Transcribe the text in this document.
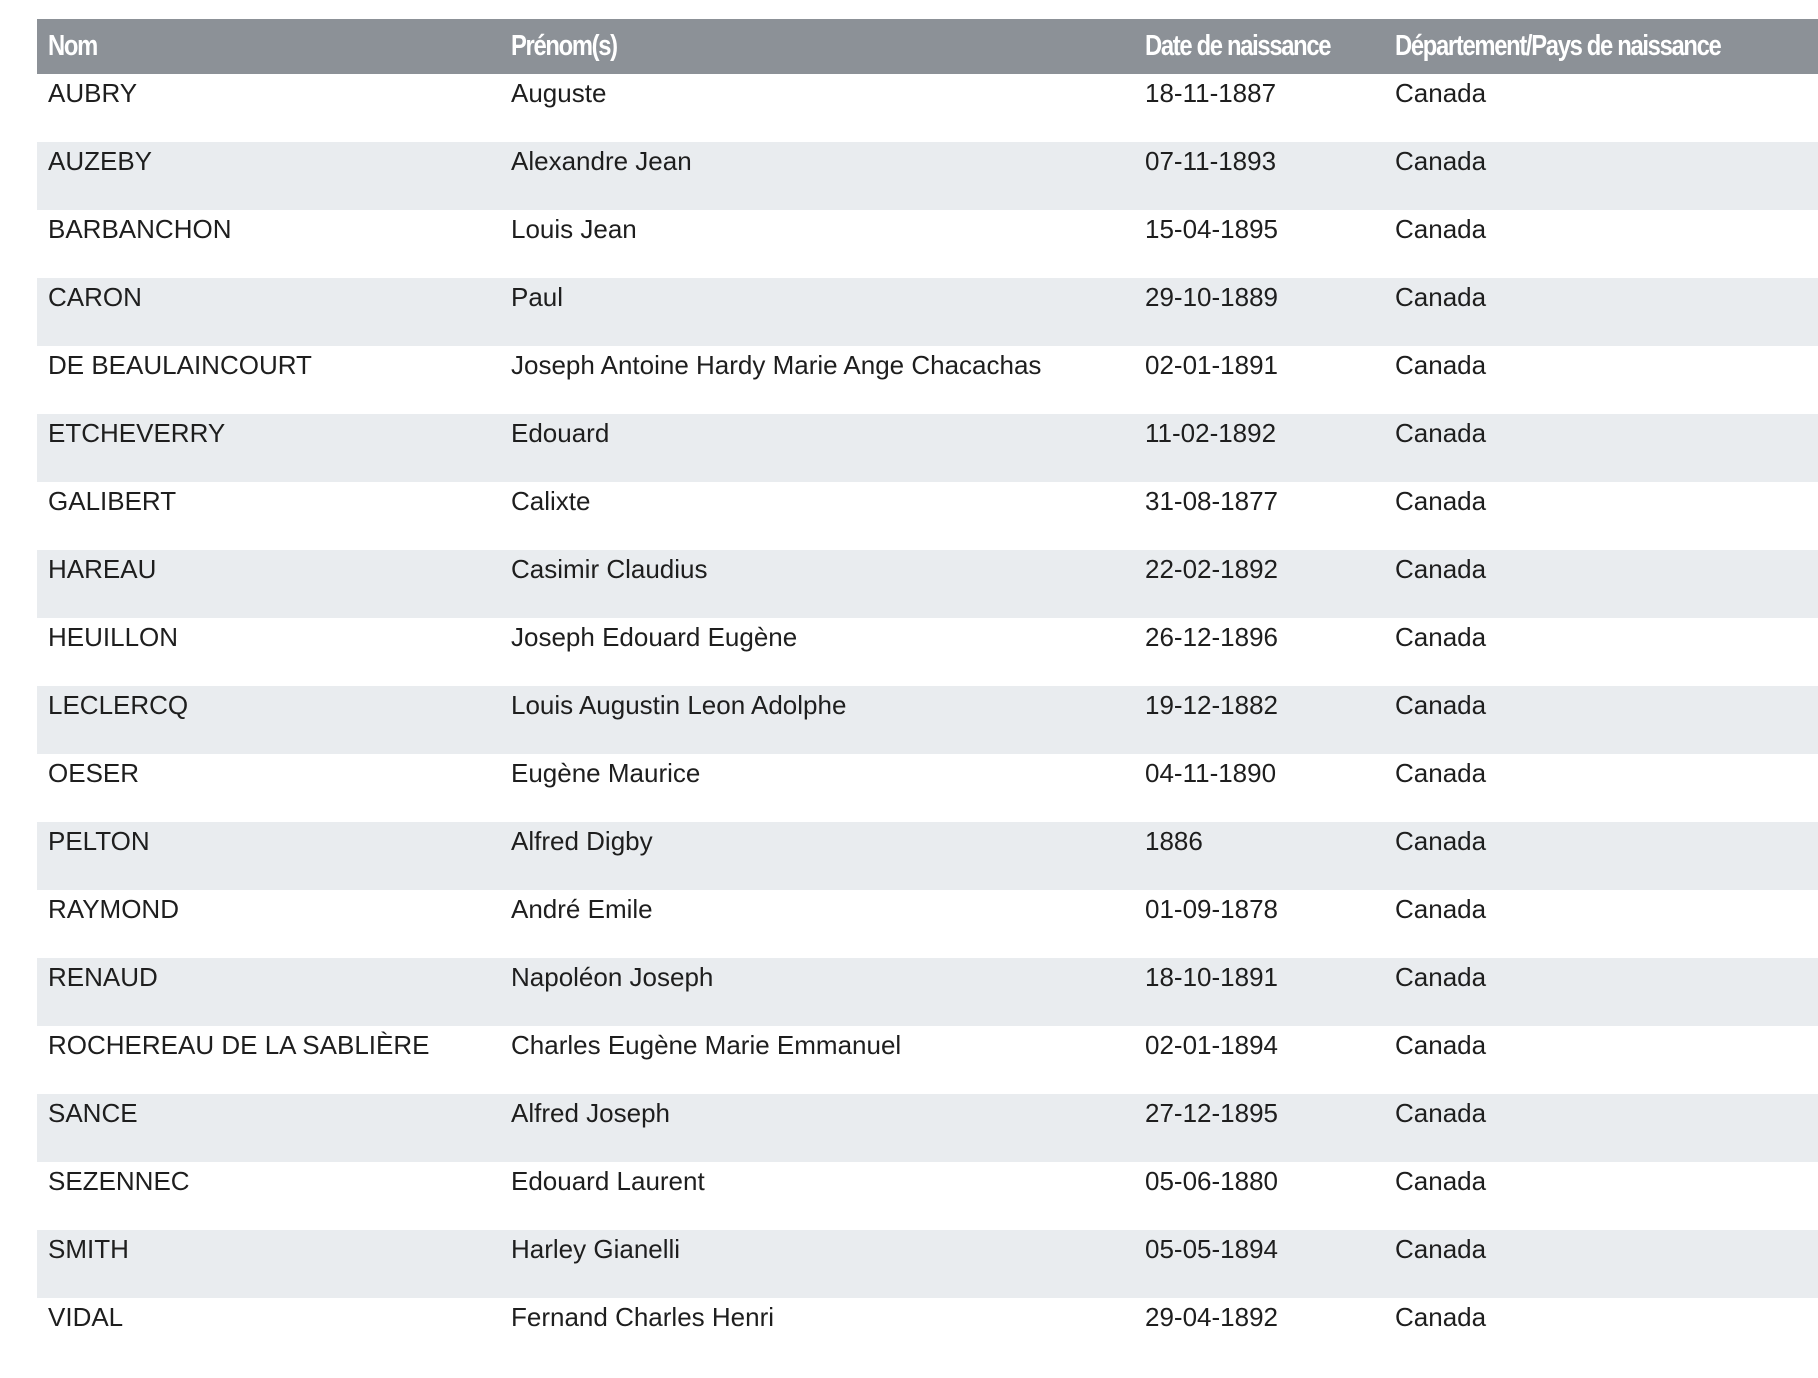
Nom	Prénom(s)	Date de naissance	Département/Pays de naissance
AUBRY	Auguste	18-11-1887	Canada
AUZEBY	Alexandre Jean	07-11-1893	Canada
BARBANCHON	Louis Jean	15-04-1895	Canada
CARON	Paul	29-10-1889	Canada
DE BEAULAINCOURT	Joseph Antoine Hardy Marie Ange Chacachas	02-01-1891	Canada
ETCHEVERRY	Edouard	11-02-1892	Canada
GALIBERT	Calixte	31-08-1877	Canada
HAREAU	Casimir Claudius	22-02-1892	Canada
HEUILLON	Joseph Edouard Eugène	26-12-1896	Canada
LECLERCQ	Louis Augustin Leon Adolphe	19-12-1882	Canada
OESER	Eugène Maurice	04-11-1890	Canada
PELTON	Alfred Digby	1886	Canada
RAYMOND	André Emile	01-09-1878	Canada
RENAUD	Napoléon Joseph	18-10-1891	Canada
ROCHEREAU DE LA SABLIÈRE	Charles Eugène Marie Emmanuel	02-01-1894	Canada
SANCE	Alfred Joseph	27-12-1895	Canada
SEZENNEC	Edouard Laurent	05-06-1880	Canada
SMITH	Harley Gianelli	05-05-1894	Canada
VIDAL	Fernand Charles Henri	29-04-1892	Canada
